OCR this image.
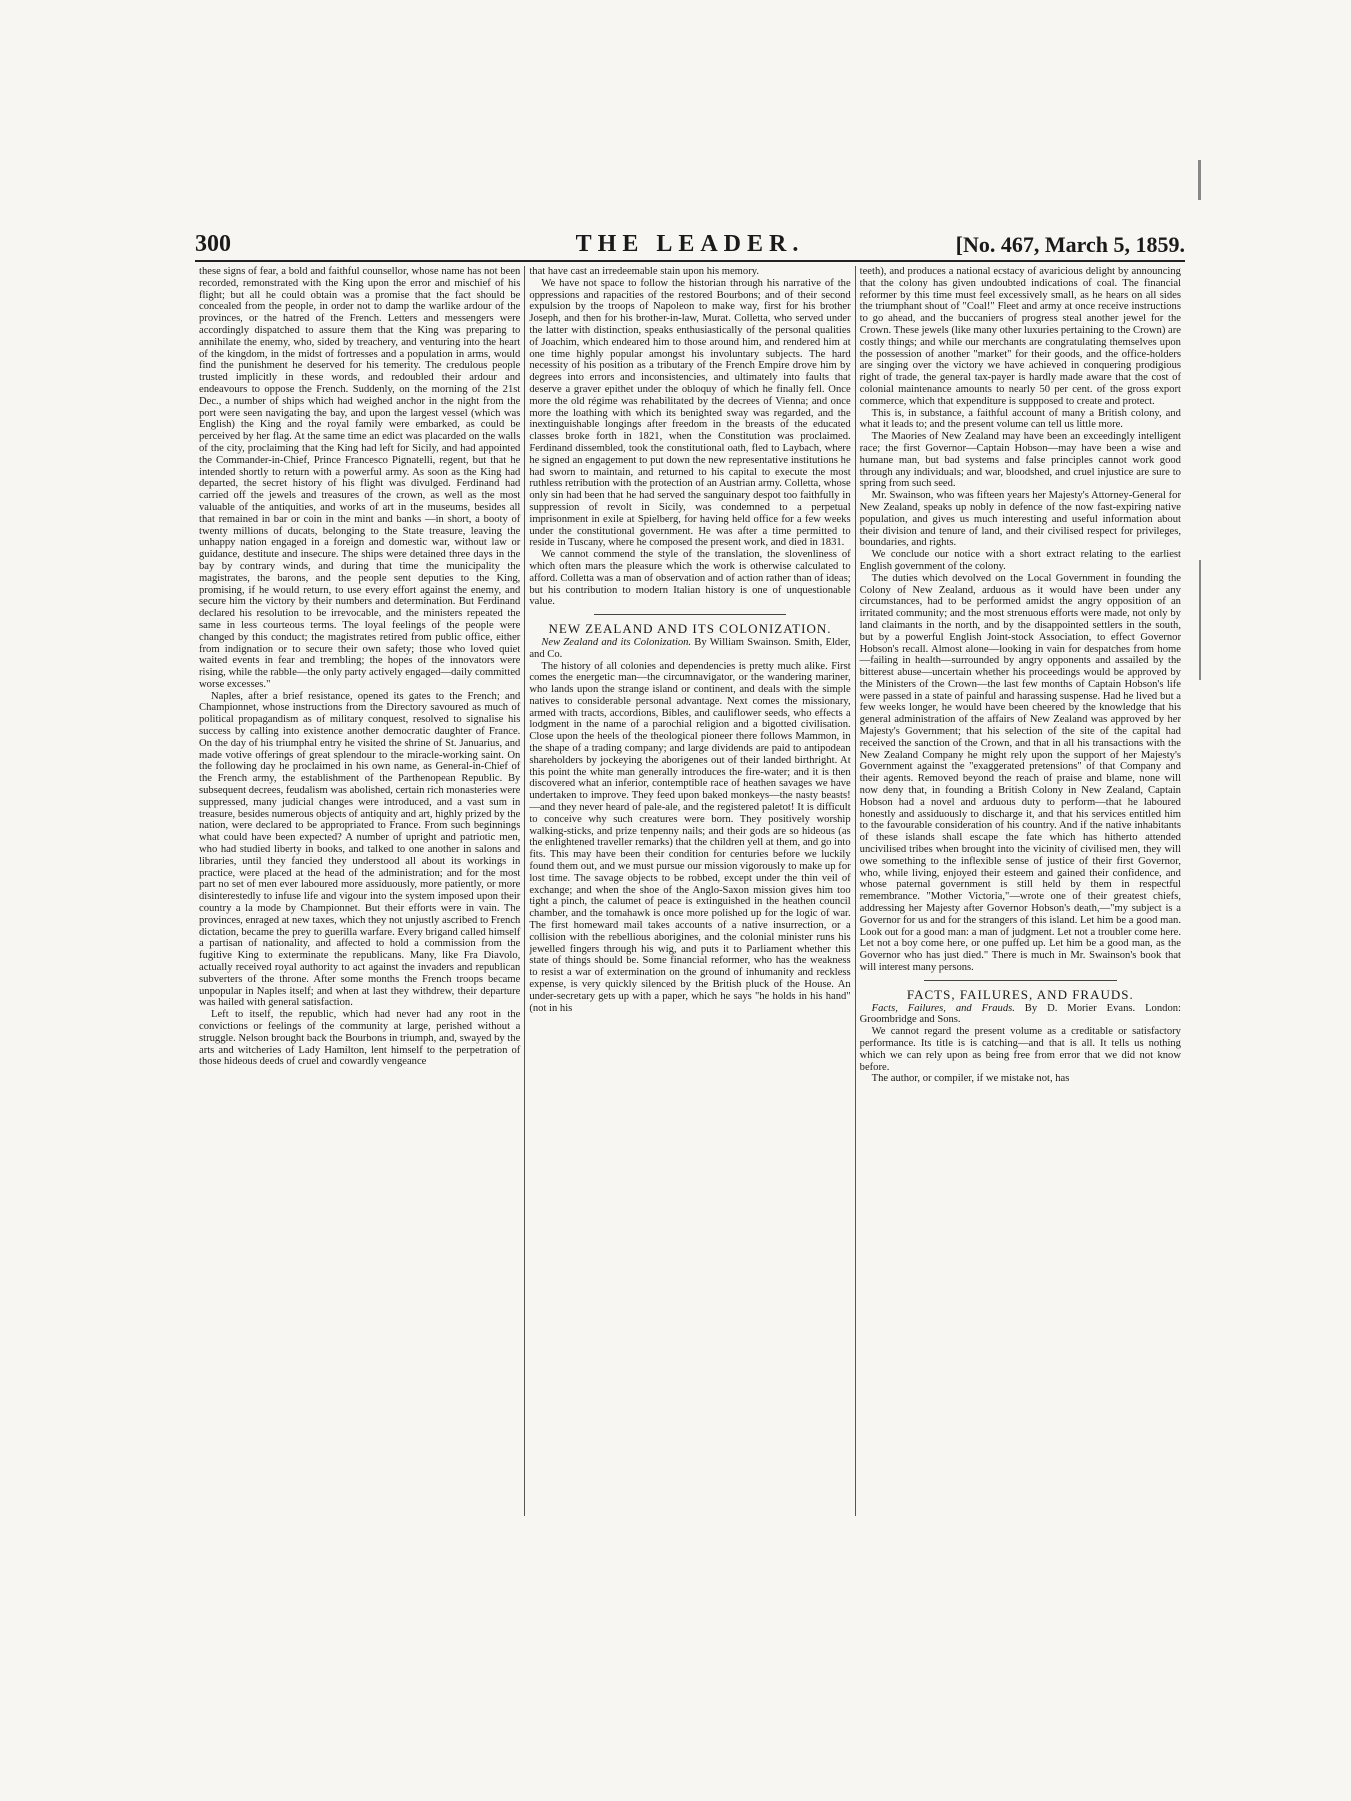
300	THE LEADER.	[No. 467, March 5, 1859.

these signs of fear, a bold and faithful counsellor, whose name has not been recorded, remonstrated with the King upon the error and mischief of his flight; but all he could obtain was a promise that the fact should be concealed from the people, in order not to damp the warlike ardour of the provinces, or the hatred of the French. Letters and messengers were accordingly dispatched to assure them that the King was preparing to annihilate the enemy, who, sided by treachery, and venturing into the heart of the kingdom, in the midst of fortresses and a population in arms, would find the punishment he deserved for his temerity. The credulous people trusted implicitly in these words, and redoubled their ardour and endeavours to oppose the French. Suddenly, on the morning of the 21st Dec., a number of ships which had weighed anchor in the night from the port were seen navigating the bay, and upon the largest vessel (which was English) the King and the royal family were embarked, as could be perceived by her flag. At the same time an edict was placarded on the walls of the city, proclaiming that the King had left for Sicily, and had appointed the Commander-in-Chief, Prince Francesco Pignatelli, regent, but that he intended shortly to return with a powerful army. As soon as the King had departed, the secret history of his flight was divulged. Ferdinand had carried off the jewels and treasures of the crown, as well as the most valuable of the antiquities, and works of art in the museums, besides all that remained in bar or coin in the mint and banks —in short, a booty of twenty millions of ducats, belonging to the State treasure, leaving the unhappy nation engaged in a foreign and domestic war, without law or guidance, destitute and insecure. The ships were detained three days in the bay by contrary winds, and during that time the municipality the magistrates, the barons, and the people sent deputies to the King, promising, if he would return, to use every effort against the enemy, and secure him the victory by their numbers and determination. But Ferdinand declared his resolution to be irrevocable, and the ministers repeated the same in less courteous terms. The loyal feelings of the people were changed by this conduct; the magistrates retired from public office, either from indignation or to secure their own safety; those who loved quiet waited events in fear and trembling; the hopes of the innovators were rising, while the rabble—the only party actively engaged—daily committed worse excesses."

Naples, after a brief resistance, opened its gates to the French; and Championnet, whose instructions from the Directory savoured as much of political propagandism as of military conquest, resolved to signalise his success by calling into existence another democratic daughter of France. On the day of his triumphal entry he visited the shrine of St. Januarius, and made votive offerings of great splendour to the miracle-working saint. On the following day he proclaimed in his own name, as General-in-Chief of the French army, the establishment of the Parthenopean Republic. By subsequent decrees, feudalism was abolished, certain rich monasteries were suppressed, many judicial changes were introduced, and a vast sum in treasure, besides numerous objects of antiquity and art, highly prized by the nation, were declared to be appropriated to France. From such beginnings what could have been expected? A number of upright and patriotic men, who had studied liberty in books, and talked to one another in salons and libraries, until they fancied they understood all about its workings in practice, were placed at the head of the administration; and for the most part no set of men ever laboured more assiduously, more patiently, or more disinterestedly to infuse life and vigour into the system imposed upon their country a la mode by Championnet. But their efforts were in vain. The provinces, enraged at new taxes, which they not unjustly ascribed to French dictation, became the prey to guerilla warfare. Every brigand called himself a partisan of nationality, and affected to hold a commission from the fugitive King to exterminate the republicans. Many, like Fra Diavolo, actually received royal authority to act against the invaders and republican subverters of the throne. After some months the French troops became unpopular in Naples itself; and when at last they withdrew, their departure was hailed with general satisfaction.

Left to itself, the republic, which had never had any root in the convictions or feelings of the community at large, perished without a struggle. Nelson brought back the Bourbons in triumph, and, swayed by the arts and witcheries of Lady Hamilton, lent himself to the perpetration of those hideous deeds of cruel and cowardly vengeance

that have cast an irredeemable stain upon his memory.

We have not space to follow the historian through his narrative of the oppressions and rapacities of the restored Bourbons; and of their second expulsion by the troops of Napoleon to make way, first for his brother Joseph, and then for his brother-in-law, Murat. Colletta, who served under the latter with distinction, speaks enthusiastically of the personal qualities of Joachim, which endeared him to those around him, and rendered him at one time highly popular amongst his involuntary subjects. The hard necessity of his position as a tributary of the French Empire drove him by degrees into errors and inconsistencies, and ultimately into faults that deserve a graver epithet under the obloquy of which he finally fell. Once more the old régime was rehabilitated by the decrees of Vienna; and once more the loathing with which its benighted sway was regarded, and the inextinguishable longings after freedom in the breasts of the educated classes broke forth in 1821, when the Constitution was proclaimed. Ferdinand dissembled, took the constitutional oath, fled to Laybach, where he signed an engagement to put down the new representative institutions he had sworn to maintain, and returned to his capital to execute the most ruthless retribution with the protection of an Austrian army. Colletta, whose only sin had been that he had served the sanguinary despot too faithfully in suppression of revolt in Sicily, was condemned to a perpetual imprisonment in exile at Spielberg, for having held office for a few weeks under the constitutional government. He was after a time permitted to reside in Tuscany, where he composed the present work, and died in 1831.

We cannot commend the style of the translation, the slovenliness of which often mars the pleasure which the work is otherwise calculated to afford. Colletta was a man of observation and of action rather than of ideas; but his contribution to modern Italian history is one of unquestionable value.

NEW ZEALAND AND ITS COLONIZATION.

New Zealand and its Colonization. By William Swainson. Smith, Elder, and Co.

The history of all colonies and dependencies is pretty much alike. First comes the energetic man—the circumnavigator, or the wandering mariner, who lands upon the strange island or continent, and deals with the simple natives to considerable personal advantage. Next comes the missionary, armed with tracts, accordions, Bibles, and cauliflower seeds, who effects a lodgment in the name of a parochial religion and a bigotted civilisation. Close upon the heels of the theological pioneer there follows Mammon, in the shape of a trading company; and large dividends are paid to antipodean shareholders by jockeying the aborigenes out of their landed birthright. At this point the white man generally introduces the fire-water; and it is then discovered what an inferior, contemptible race of heathen savages we have undertaken to improve. They feed upon baked monkeys—the nasty beasts!—and they never heard of pale-ale, and the registered paletot! It is difficult to conceive why such creatures were born. They positively worship walking-sticks, and prize tenpenny nails; and their gods are so hideous (as the enlightened traveller remarks) that the children yell at them, and go into fits. This may have been their condition for centuries before we luckily found them out, and we must pursue our mission vigorously to make up for lost time. The savage objects to be robbed, except under the thin veil of exchange; and when the shoe of the Anglo-Saxon mission gives him too tight a pinch, the calumet of peace is extinguished in the heathen council chamber, and the tomahawk is once more polished up for the logic of war. The first homeward mail takes accounts of a native insurrection, or a collision with the rebellious aborigines, and the colonial minister runs his jewelled fingers through his wig, and puts it to Parliament whether this state of things should be. Some financial reformer, who has the weakness to resist a war of extermination on the ground of inhumanity and reckless expense, is very quickly silenced by the British pluck of the House. An under-secretary gets up with a paper, which he says "he holds in his hand" (not in his

teeth), and produces a national ecstacy of avaricious delight by announcing that the colony has given undoubted indications of coal. The financial reformer by this time must feel excessively small, as he hears on all sides the triumphant shout of "Coal!" Fleet and army at once receive instructions to go ahead, and the buccaniers of progress steal another jewel for the Crown. These jewels (like many other luxuries pertaining to the Crown) are costly things; and while our merchants are congratulating themselves upon the possession of another "market" for their goods, and the office-holders are singing over the victory we have achieved in conquering prodigious right of trade, the general tax-payer is hardly made aware that the cost of colonial maintenance amounts to nearly 50 per cent. of the gross export commerce, which that expenditure is suppposed to create and protect.

This is, in substance, a faithful account of many a British colony, and what it leads to; and the present volume can tell us little more.

The Maories of New Zealand may have been an exceedingly intelligent race; the first Governor—Captain Hobson—may have been a wise and humane man, but bad systems and false principles cannot work good through any individuals; and war, bloodshed, and cruel injustice are sure to spring from such seed.

Mr. Swainson, who was fifteen years her Majesty's Attorney-General for New Zealand, speaks up nobly in defence of the now fast-expiring native population, and gives us much interesting and useful information about their division and tenure of land, and their civilised respect for privileges, boundaries, and rights.

We conclude our notice with a short extract relating to the earliest English government of the colony.

The duties which devolved on the Local Government in founding the Colony of New Zealand, arduous as it would have been under any circumstances, had to be performed amidst the angry opposition of an irritated community; and the most strenuous efforts were made, not only by land claimants in the north, and by the disappointed settlers in the south, but by a powerful English Joint-stock Association, to effect Governor Hobson's recall. Almost alone—looking in vain for despatches from home—failing in health—surrounded by angry opponents and assailed by the bitterest abuse—uncertain whether his proceedings would be approved by the Ministers of the Crown—the last few months of Captain Hobson's life were passed in a state of painful and harassing suspense. Had he lived but a few weeks longer, he would have been cheered by the knowledge that his general administration of the affairs of New Zealand was approved by her Majesty's Government; that his selection of the site of the capital had received the sanction of the Crown, and that in all his transactions with the New Zealand Company he might rely upon the support of her Majesty's Government against the "exaggerated pretensions" of that Company and their agents. Removed beyond the reach of praise and blame, none will now deny that, in founding a British Colony in New Zealand, Captain Hobson had a novel and arduous duty to perform—that he laboured honestly and assiduously to discharge it, and that his services entitled him to the favourable consideration of his country. And if the native inhabitants of these islands shall escape the fate which has hitherto attended uncivilised tribes when brought into the vicinity of civilised men, they will owe something to the inflexible sense of justice of their first Governor, who, while living, enjoyed their esteem and gained their confidence, and whose paternal government is still held by them in respectful remembrance. "Mother Victoria,"—wrote one of their greatest chiefs, addressing her Majesty after Governor Hobson's death,—"my subject is a Governor for us and for the strangers of this island. Let him be a good man. Look out for a good man: a man of judgment. Let not a troubler come here. Let not a boy come here, or one puffed up. Let him be a good man, as the Governor who has just died." There is much in Mr. Swainson's book that will interest many persons.

FACTS, FAILURES, AND FRAUDS.

Facts, Failures, and Frauds. By D. Morier Evans. London: Groombridge and Sons.

We cannot regard the present volume as a creditable or satisfactory performance. Its title is is catching—and that is all. It tells us nothing which we can rely upon as being free from error that we did not know before.

The author, or compiler, if we mistake not, has
